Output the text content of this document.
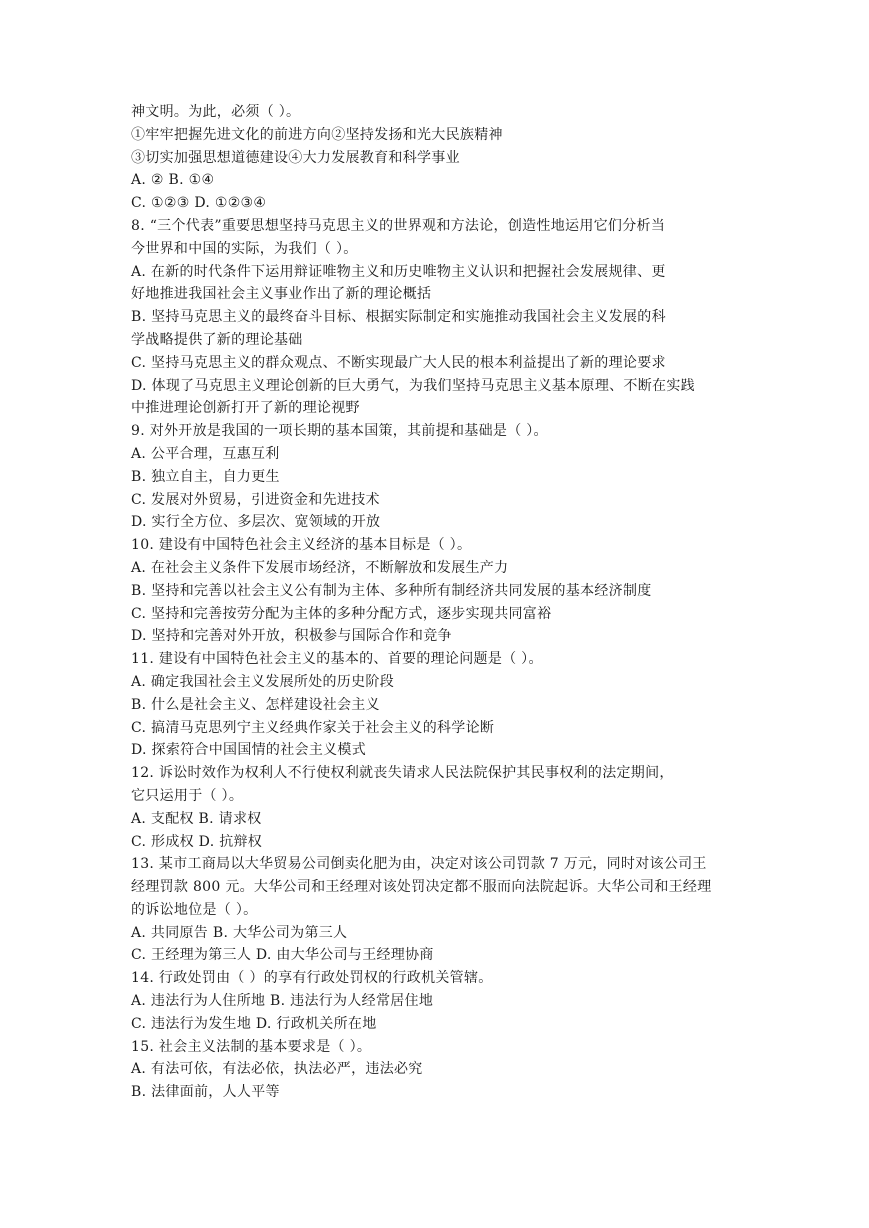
神文明。为此，必须（ ）。

①牢牢把握先进文化的前进方向②坚持发扬和光大民族精神

③切实加强思想道德建设④大力发展教育和科学事业

A. ② B. ①④

C. ①②③ D. ①②③④

8. “三个代表”重要思想坚持马克思主义的世界观和方法论，创造性地运用它们分析当

今世界和中国的实际，为我们（ ）。

A. 在新的时代条件下运用辩证唯物主义和历史唯物主义认识和把握社会发展规律、更

好地推进我国社会主义事业作出了新的理论概括

B. 坚持马克思主义的最终奋斗目标、根据实际制定和实施推动我国社会主义发展的科

学战略提供了新的理论基础

C. 坚持马克思主义的群众观点、不断实现最广大人民的根本利益提出了新的理论要求

D. 体现了马克思主义理论创新的巨大勇气，为我们坚持马克思主义基本原理、不断在实践

中推进理论创新打开了新的理论视野

9. 对外开放是我国的一项长期的基本国策，其前提和基础是（ ）。

A. 公平合理，互惠互利

B. 独立自主，自力更生

C. 发展对外贸易，引进资金和先进技术

D. 实行全方位、多层次、宽领域的开放

10. 建设有中国特色社会主义经济的基本目标是（ ）。

A. 在社会主义条件下发展市场经济，不断解放和发展生产力

B. 坚持和完善以社会主义公有制为主体、多种所有制经济共同发展的基本经济制度

C. 坚持和完善按劳分配为主体的多种分配方式，逐步实现共同富裕

D. 坚持和完善对外开放，积极参与国际合作和竞争

11. 建设有中国特色社会主义的基本的、首要的理论问题是（ ）。

A. 确定我国社会主义发展所处的历史阶段

B. 什么是社会主义、怎样建设社会主义

C. 搞清马克思列宁主义经典作家关于社会主义的科学论断

D. 探索符合中国国情的社会主义模式

12. 诉讼时效作为权利人不行使权利就丧失请求人民法院保护其民事权利的法定期间，

它只运用于（ ）。

A. 支配权 B. 请求权

C. 形成权 D. 抗辩权

13. 某市工商局以大华贸易公司倒卖化肥为由，决定对该公司罚款 7 万元，同时对该公司王

经理罚款 800 元。大华公司和王经理对该处罚决定都不服而向法院起诉。大华公司和王经理

的诉讼地位是（ ）。

A. 共同原告 B. 大华公司为第三人

C. 王经理为第三人 D. 由大华公司与王经理协商

14. 行政处罚由（ ）的享有行政处罚权的行政机关管辖。

A. 违法行为人住所地 B. 违法行为人经常居住地

C. 违法行为发生地 D. 行政机关所在地

15. 社会主义法制的基本要求是（ ）。

A. 有法可依，有法必依，执法必严，违法必究

B. 法律面前，人人平等
